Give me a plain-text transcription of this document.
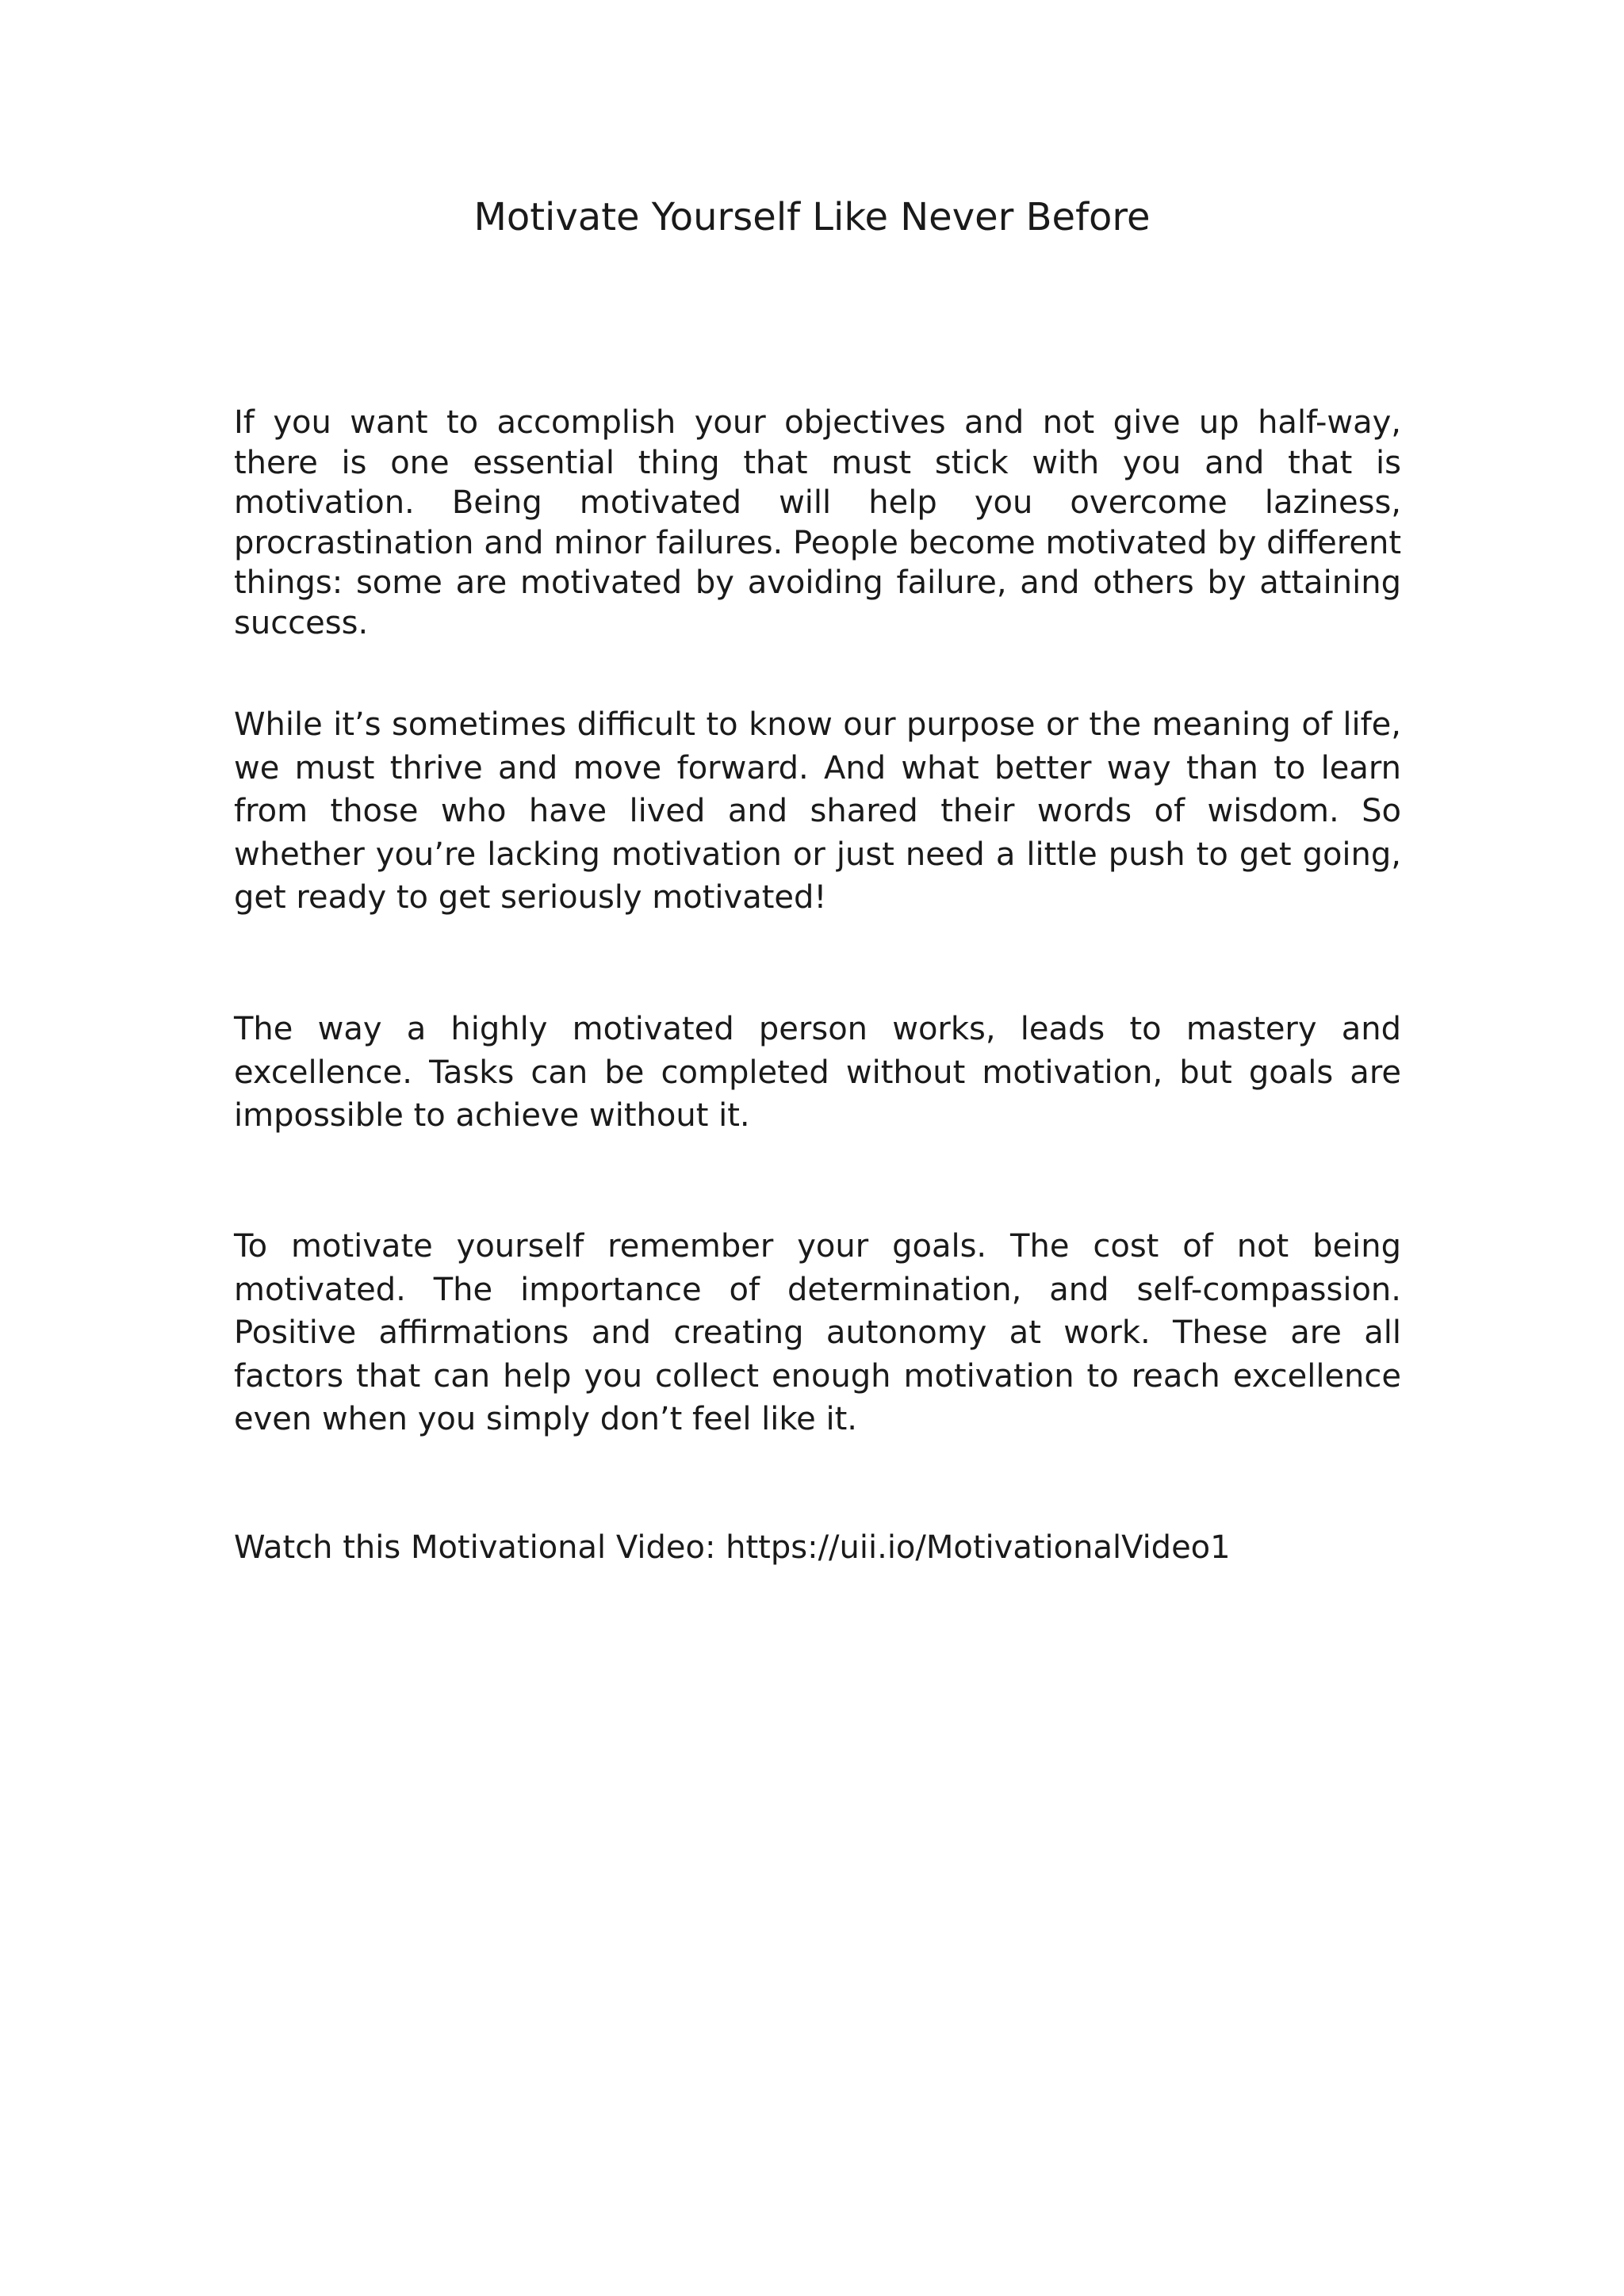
Motivate Yourself Like Never Before

If you want to accomplish your objectives and not give up half-way, there is one essential thing that must stick with you and that is motivation. Being motivated will help you overcome laziness, procrastination and minor failures. People become motivated by different things: some are motivated by avoiding failure, and others by attaining success.

While it’s sometimes difficult to know our purpose or the meaning of life, we must thrive and move forward. And what better way than to learn from those who have lived and shared their words of wisdom. So whether you’re lacking motivation or just need a little push to get going, get ready to get seriously motivated!

The way a highly motivated person works, leads to mastery and excellence. Tasks can be completed without motivation, but goals are impossible to achieve without it.

To motivate yourself remember your goals. The cost of not being motivated. The importance of determination, and self-compassion. Positive affirmations and creating autonomy at work. These are all factors that can help you collect enough motivation to reach excellence even when you simply don’t feel like it.

Watch this Motivational Video: https://uii.io/MotivationalVideo1
